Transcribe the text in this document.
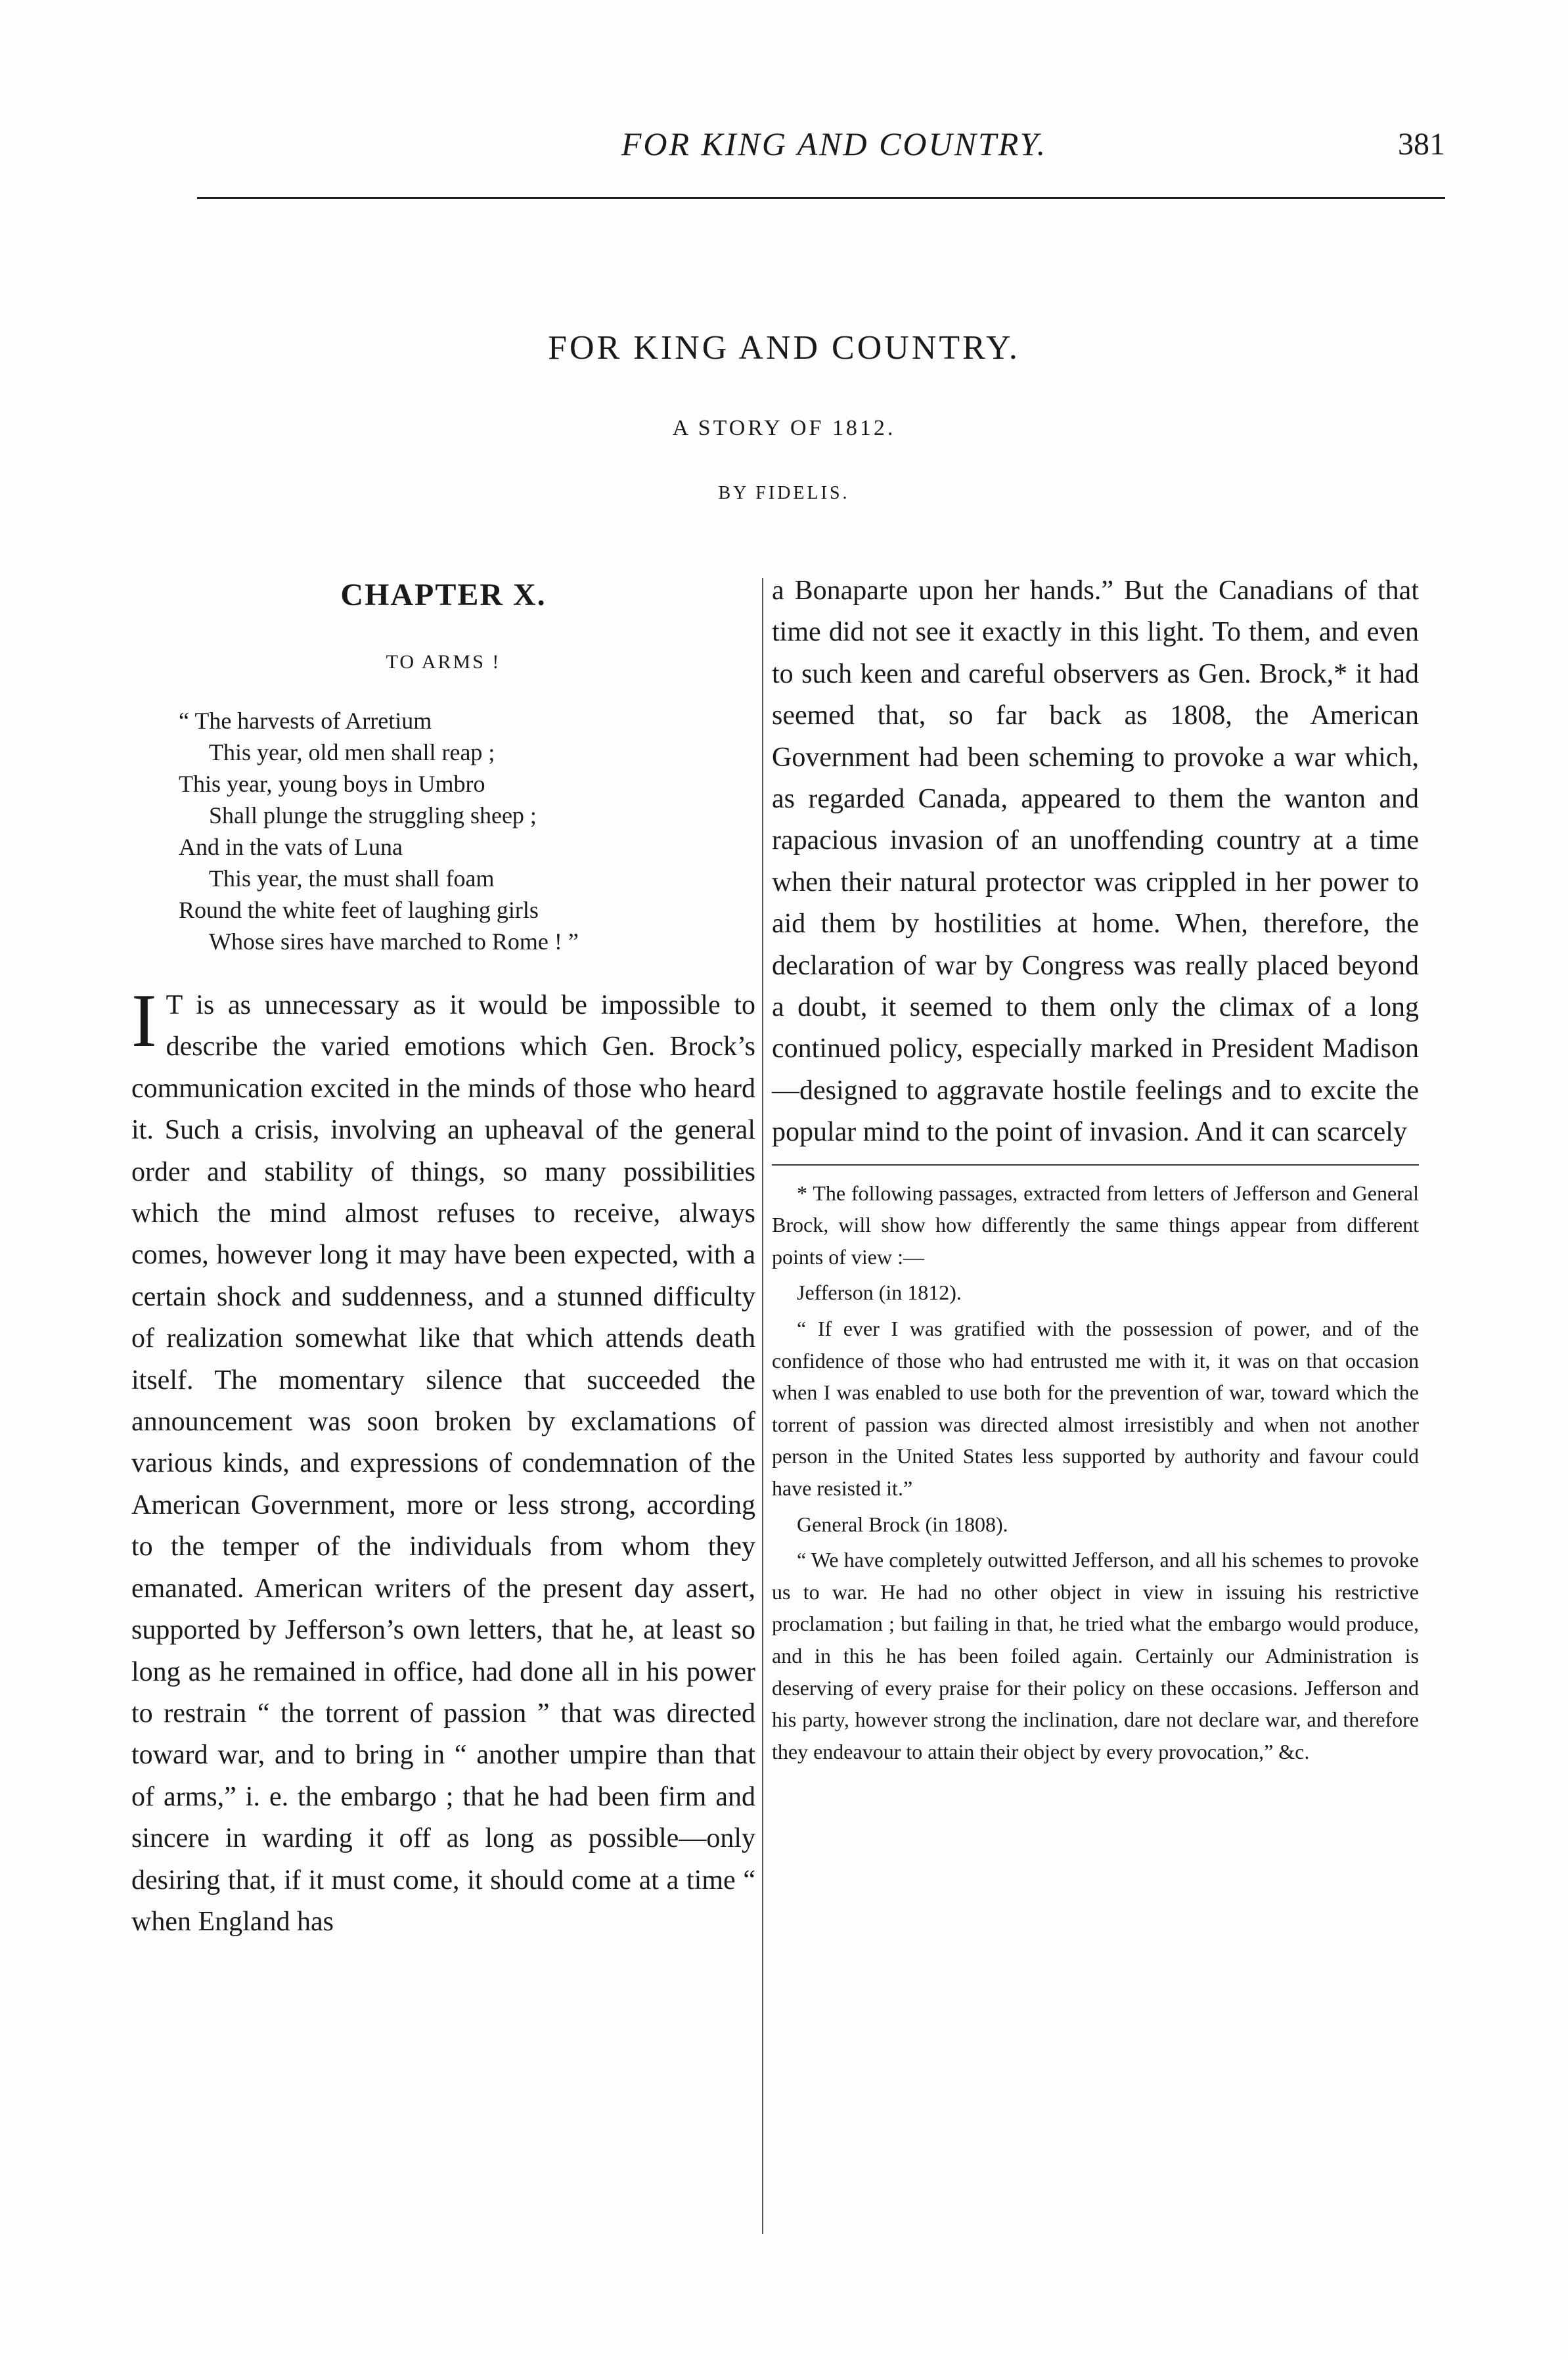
FOR KING AND COUNTRY.	381
FOR KING AND COUNTRY.
A STORY OF 1812.
BY FIDELIS.
CHAPTER X.
TO ARMS !
“ The harvests of Arretium
This year, old men shall reap ;
This year, young boys in Umbro
Shall plunge the struggling sheep ;
And in the vats of Luna
This year, the must shall foam
Round the white feet of laughing girls
Whose sires have marched to Rome ! ”
I T is as unnecessary as it would be impossible to describe the varied emotions which Gen. Brock’s communication excited in the minds of those who heard it. Such a crisis, involving an upheaval of the general order and stability of things, so many possibilities which the mind almost refuses to receive, always comes, however long it may have been expected, with a certain shock and suddenness, and a stunned difficulty of realization somewhat like that which attends death itself. The momentary silence that succeeded the announcement was soon broken by exclamations of various kinds, and expressions of condemnation of the American Government, more or less strong, according to the temper of the individuals from whom they emanated. American writers of the present day assert, supported by Jefferson’s own letters, that he, at least so long as he remained in office, had done all in his power to restrain “ the torrent of passion ” that was directed toward war, and to bring in “ another umpire than that of arms,” i. e. the embargo ; that he had been firm and sincere in warding it off as long as possible—only desiring that, if it must come, it should come at a time “ when England has

a Bonaparte upon her hands.” But the Canadians of that time did not see it exactly in this light. To them, and even to such keen and careful observers as Gen. Brock,* it had seemed that, so far back as 1808, the American Government had been scheming to provoke a war which, as regarded Canada, appeared to them the wanton and rapacious invasion of an unoffending country at a time when their natural protector was crippled in her power to aid them by hostilities at home. When, therefore, the declaration of war by Congress was really placed beyond a doubt, it seemed to them only the climax of a long continued policy, especially marked in President Madison—designed to aggravate hostile feelings and to excite the popular mind to the point of invasion. And it can scarcely

* The following passages, extracted from letters of Jefferson and General Brock, will show how differently the same things appear from different points of view :—

Jefferson (in 1812).

“ If ever I was gratified with the possession of power, and of the confidence of those who had entrusted me with it, it was on that occasion when I was enabled to use both for the prevention of war, toward which the torrent of passion was directed almost irresistibly and when not another person in the United States less supported by authority and favour could have resisted it.”

General Brock (in 1808).

“ We have completely outwitted Jefferson, and all his schemes to provoke us to war. He had no other object in view in issuing his restrictive proclamation ; but failing in that, he tried what the embargo would produce, and in this he has been foiled again. Certainly our Administration is deserving of every praise for their policy on these occasions. Jefferson and his party, however strong the inclination, dare not declare war, and therefore they endeavour to attain their object by every provocation,” &c.
